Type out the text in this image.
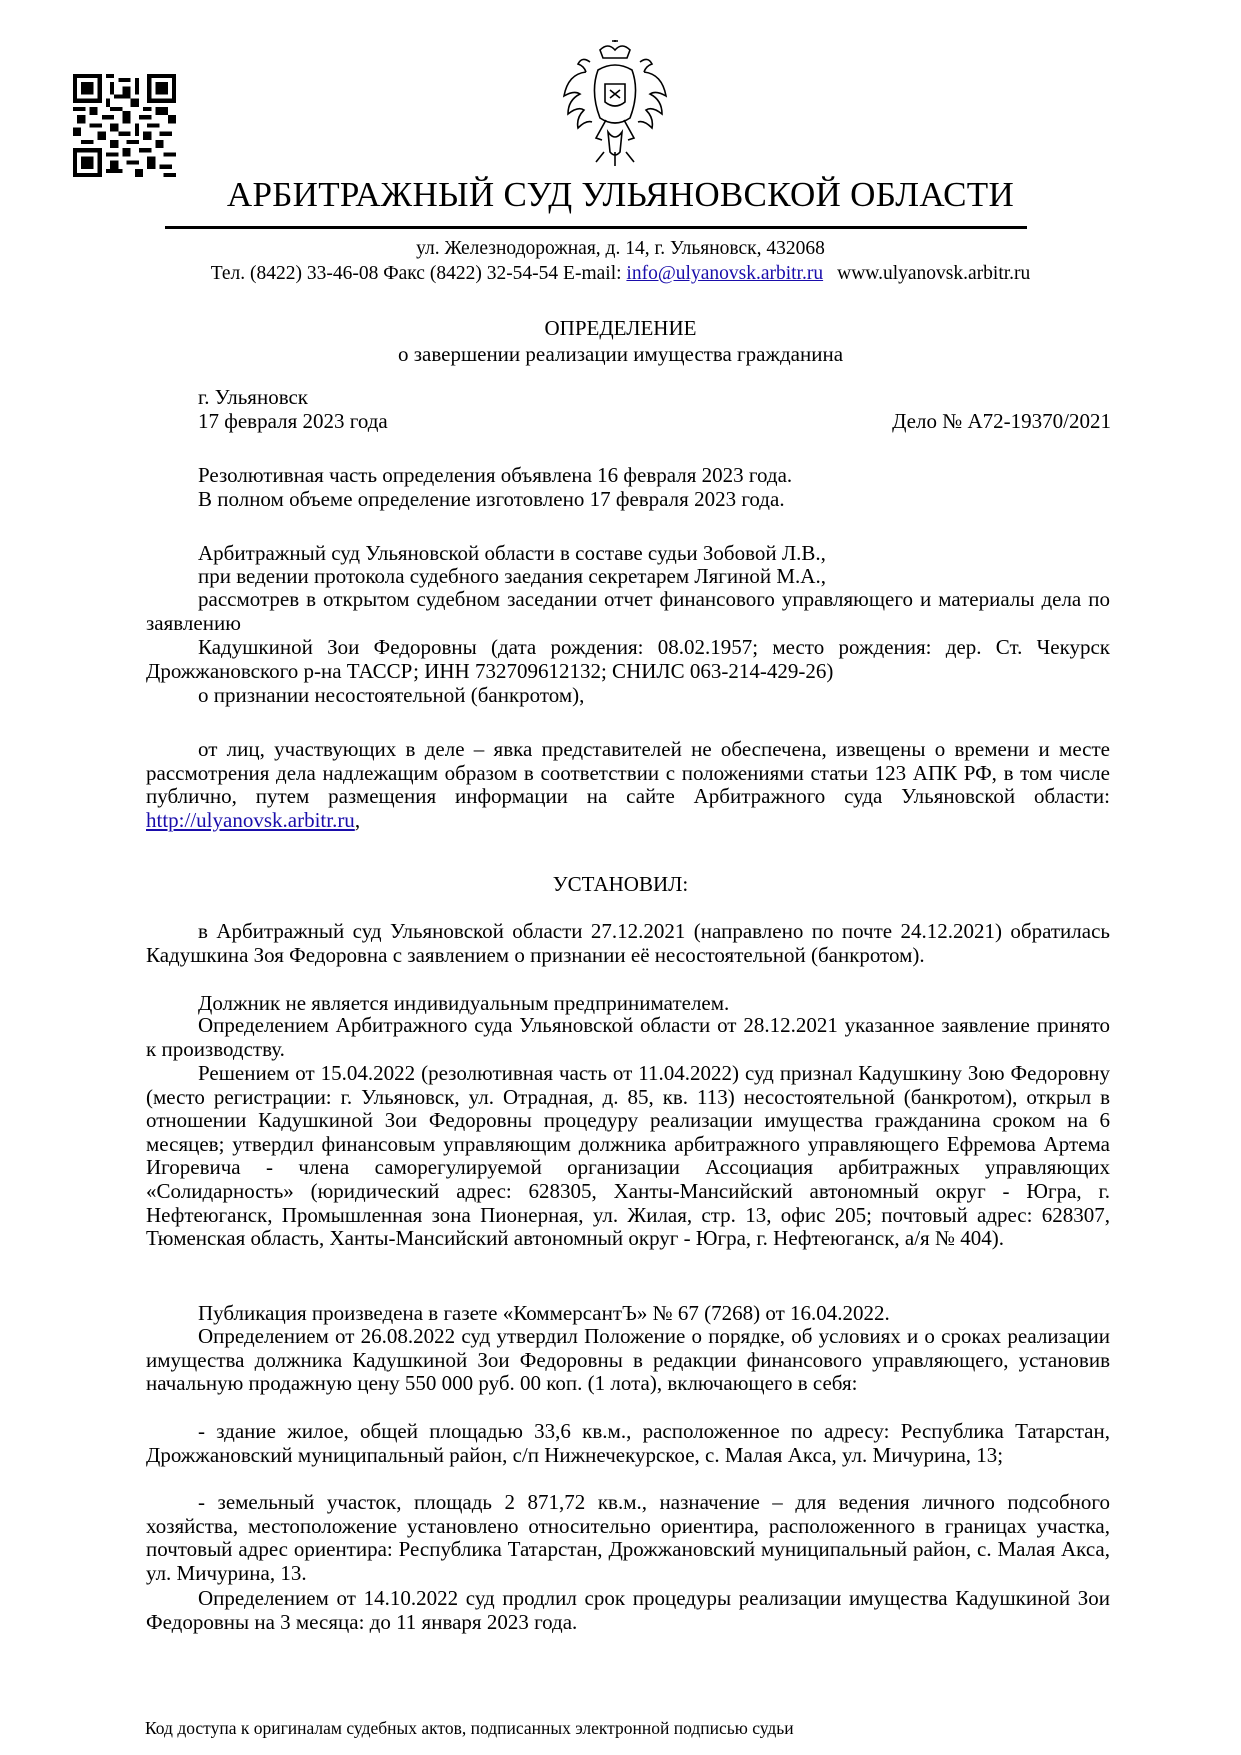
АРБИТРАЖНЫЙ СУД УЛЬЯНОВСКОЙ ОБЛАСТИ
ул. Железнодорожная, д. 14, г. Ульяновск, 432068
Тел. (8422) 33-46-08 Факс (8422) 32-54-54 E-mail: info@ulyanovsk.arbitr.ru www.ulyanovsk.arbitr.ru
ОПРЕДЕЛЕНИЕ
о завершении реализации имущества гражданина
г. Ульяновск
17 февраля 2023 года	Дело № А72-19370/2021
Резолютивная часть определения объявлена 16 февраля 2023 года.
В полном объеме определение изготовлено 17 февраля 2023 года.
Арбитражный суд Ульяновской области в составе судьи Зобовой Л.В.,
при ведении протокола судебного заедания секретарем Лягиной М.А.,
рассмотрев в открытом судебном заседании отчет финансового управляющего и материалы дела по заявлению
Кадушкиной Зои Федоровны (дата рождения: 08.02.1957; место рождения: дер. Ст. Чекурск Дрожжановского р-на ТАССР; ИНН 732709612132; СНИЛС 063-214-429-26)
о признании несостоятельной (банкротом),
от лиц, участвующих в деле – явка представителей не обеспечена, извещены о времени и месте рассмотрения дела надлежащим образом в соответствии с положениями статьи 123 АПК РФ, в том числе публично, путем размещения информации на сайте Арбитражного суда Ульяновской области: http://ulyanovsk.arbitr.ru,
УСТАНОВИЛ:
в Арбитражный суд Ульяновской области 27.12.2021 (направлено по почте 24.12.2021) обратилась Кадушкина Зоя Федоровна с заявлением о признании её несостоятельной (банкротом).
Должник не является индивидуальным предпринимателем.
Определением Арбитражного суда Ульяновской области от 28.12.2021 указанное заявление принято к производству.
Решением от 15.04.2022 (резолютивная часть от 11.04.2022) суд признал Кадушкину Зою Федоровну (место регистрации: г. Ульяновск, ул. Отрадная, д. 85, кв. 113) несостоятельной (банкротом), открыл в отношении Кадушкиной Зои Федоровны процедуру реализации имущества гражданина сроком на 6 месяцев; утвердил финансовым управляющим должника арбитражного управляющего Ефремова Артема Игоревича - члена саморегулируемой организации Ассоциация арбитражных управляющих «Солидарность» (юридический адрес: 628305, Ханты-Мансийский автономный округ - Югра, г. Нефтеюганск, Промышленная зона Пионерная, ул. Жилая, стр. 13, офис 205; почтовый адрес: 628307, Тюменская область, Ханты-Мансийский автономный округ - Югра, г. Нефтеюганск, а/я № 404).
Публикация произведена в газете «КоммерсантЪ» № 67 (7268) от 16.04.2022.
Определением от 26.08.2022 суд утвердил Положение о порядке, об условиях и о сроках реализации имущества должника Кадушкиной Зои Федоровны в редакции финансового управляющего, установив начальную продажную цену 550 000 руб. 00 коп. (1 лота), включающего в себя:
- здание жилое, общей площадью 33,6 кв.м., расположенное по адресу: Республика Татарстан, Дрожжановский муниципальный район, с/п Нижнечекурское, с. Малая Акса, ул. Мичурина, 13;
- земельный участок, площадь 2 871,72 кв.м., назначение – для ведения личного подсобного хозяйства, местоположение установлено относительно ориентира, расположенного в границах участка, почтовый адрес ориентира: Республика Татарстан, Дрожжановский муниципальный район, с. Малая Акса, ул. Мичурина, 13.
Определением от 14.10.2022 суд продлил срок процедуры реализации имущества Кадушкиной Зои Федоровны на 3 месяца: до 11 января 2023 года.
Код доступа к оригиналам судебных актов, подписанных электронной подписью судьи
